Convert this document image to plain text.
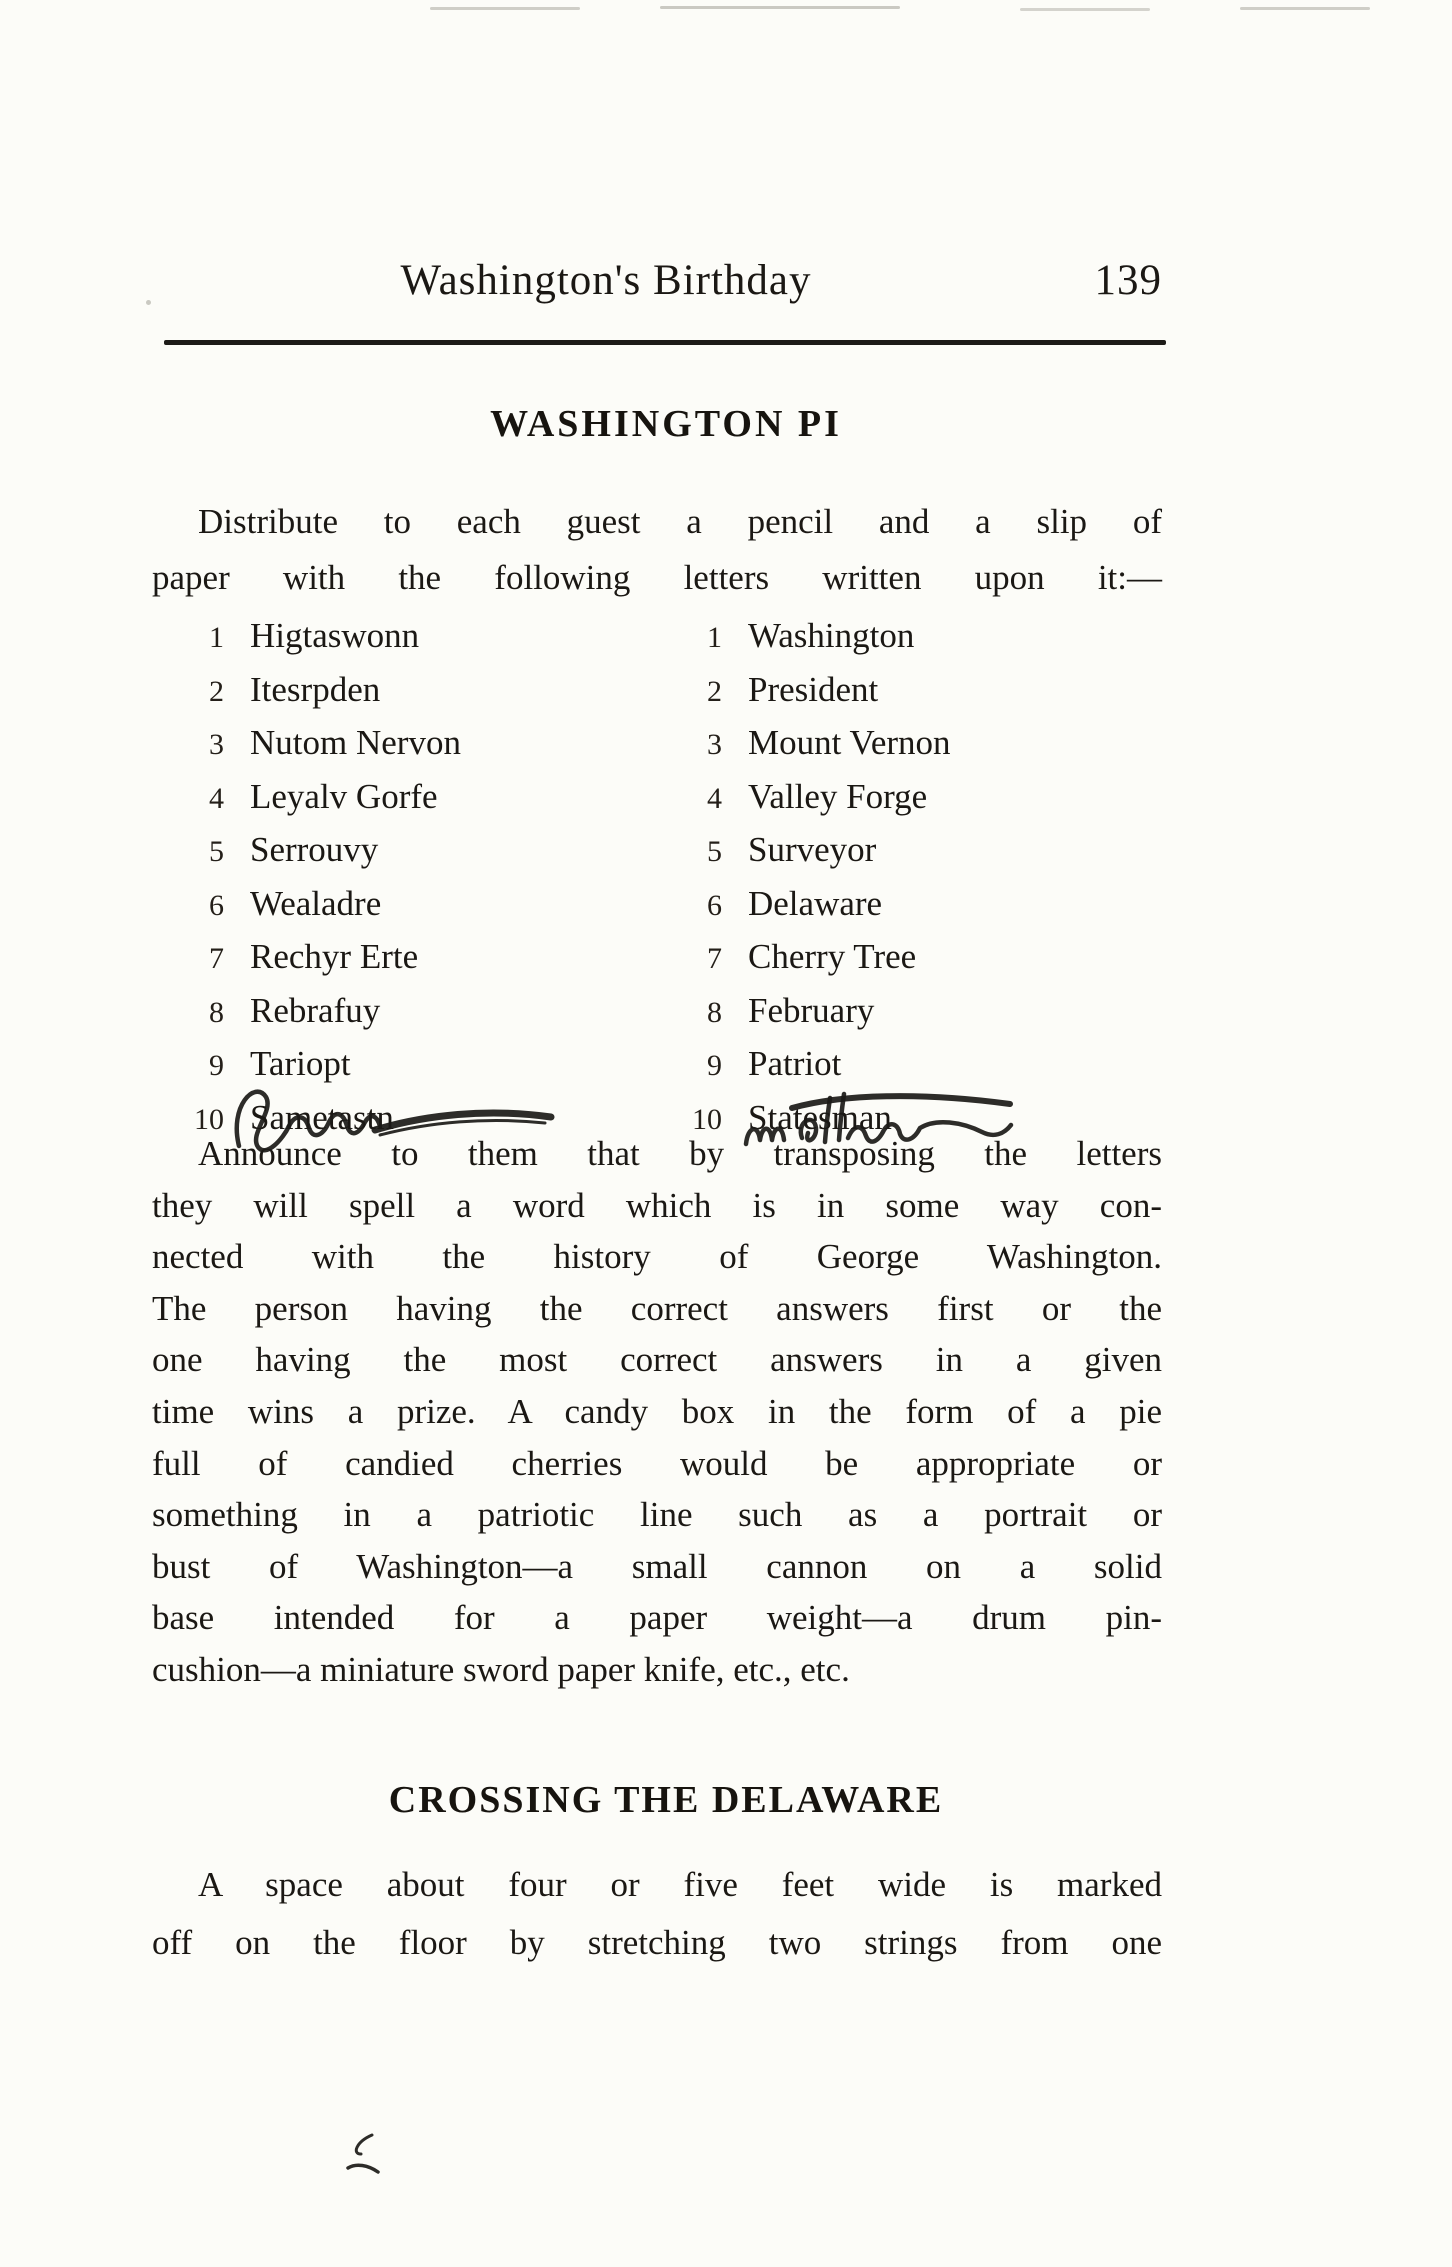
Washington's Birthday	139
WASHINGTON PI
Distribute to each guest a pencil and a slip of
paper with the following letters written upon it:—
1 Higtaswonn	1 Washington
2 Itesrpden	2 President
3 Nutom Nervon	3 Mount Vernon
4 Leyalv Gorfe	4 Valley Forge
5 Serrouvy	5 Surveyor
6 Wealadre	6 Delaware
7 Rechyr Erte	7 Cherry Tree
8 Rebrafuy	8 February
9 Tariopt	9 Patriot
10 Sametastn	10 Statesman
Announce to them that by transposing the letters
they will spell a word which is in some way con-
nected with the history of George Washington.
The person having the correct answers first or the
one having the most correct answers in a given
time wins a prize. A candy box in the form of a pie
full of candied cherries would be appropriate or
something in a patriotic line such as a portrait or
bust of Washington—a small cannon on a solid
base intended for a paper weight—a drum pin-
cushion—a miniature sword paper knife, etc., etc.
CROSSING THE DELAWARE
A space about four or five feet wide is marked
off on the floor by stretching two strings from one
